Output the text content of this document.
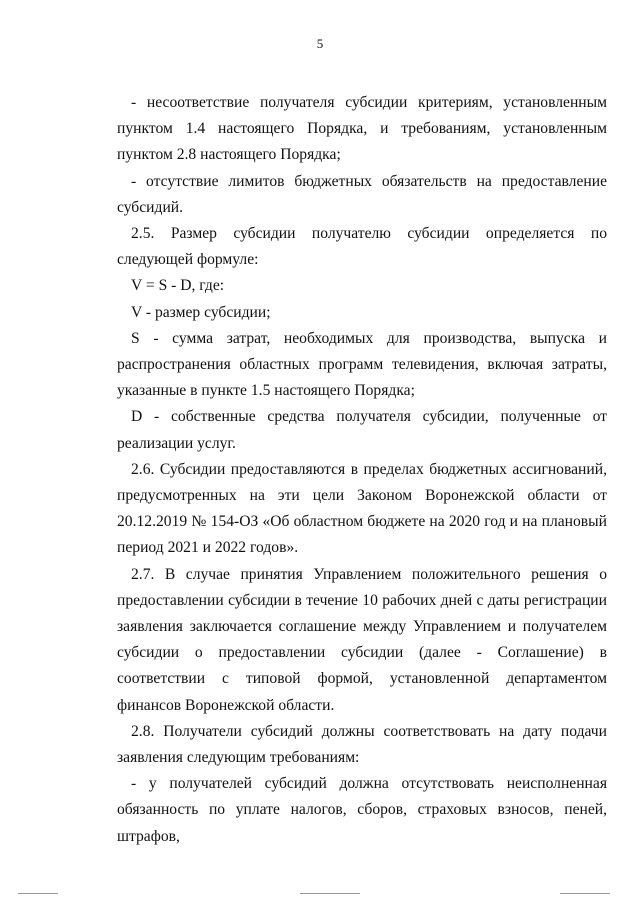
5

- несоответствие получателя субсидии критериям, установленным пунктом 1.4 настоящего Порядка, и требованиям, установленным пунктом 2.8 настоящего Порядка;

- отсутствие лимитов бюджетных обязательств на предоставление субсидий.

2.5. Размер субсидии получателю субсидии определяется по следующей формуле:

V = S - D, где:

V - размер субсидии;

S - сумма затрат, необходимых для производства, выпуска и распространения областных программ телевидения, включая затраты, указанные в пункте 1.5 настоящего Порядка;

D - собственные средства получателя субсидии, полученные от реализации услуг.

2.6. Субсидии предоставляются в пределах бюджетных ассигнований, предусмотренных на эти цели Законом Воронежской области от 20.12.2019 № 154-ОЗ «Об областном бюджете на 2020 год и на плановый период 2021 и 2022 годов».

2.7. В случае принятия Управлением положительного решения о предоставлении субсидии в течение 10 рабочих дней с даты регистрации заявления заключается соглашение между Управлением и получателем субсидии о предоставлении субсидии (далее - Соглашение) в соответствии с типовой формой, установленной департаментом финансов Воронежской области.

2.8. Получатели субсидий должны соответствовать на дату подачи заявления следующим требованиям:

- у получателей субсидий должна отсутствовать неисполненная обязанность по уплате налогов, сборов, страховых взносов, пеней, штрафов,
